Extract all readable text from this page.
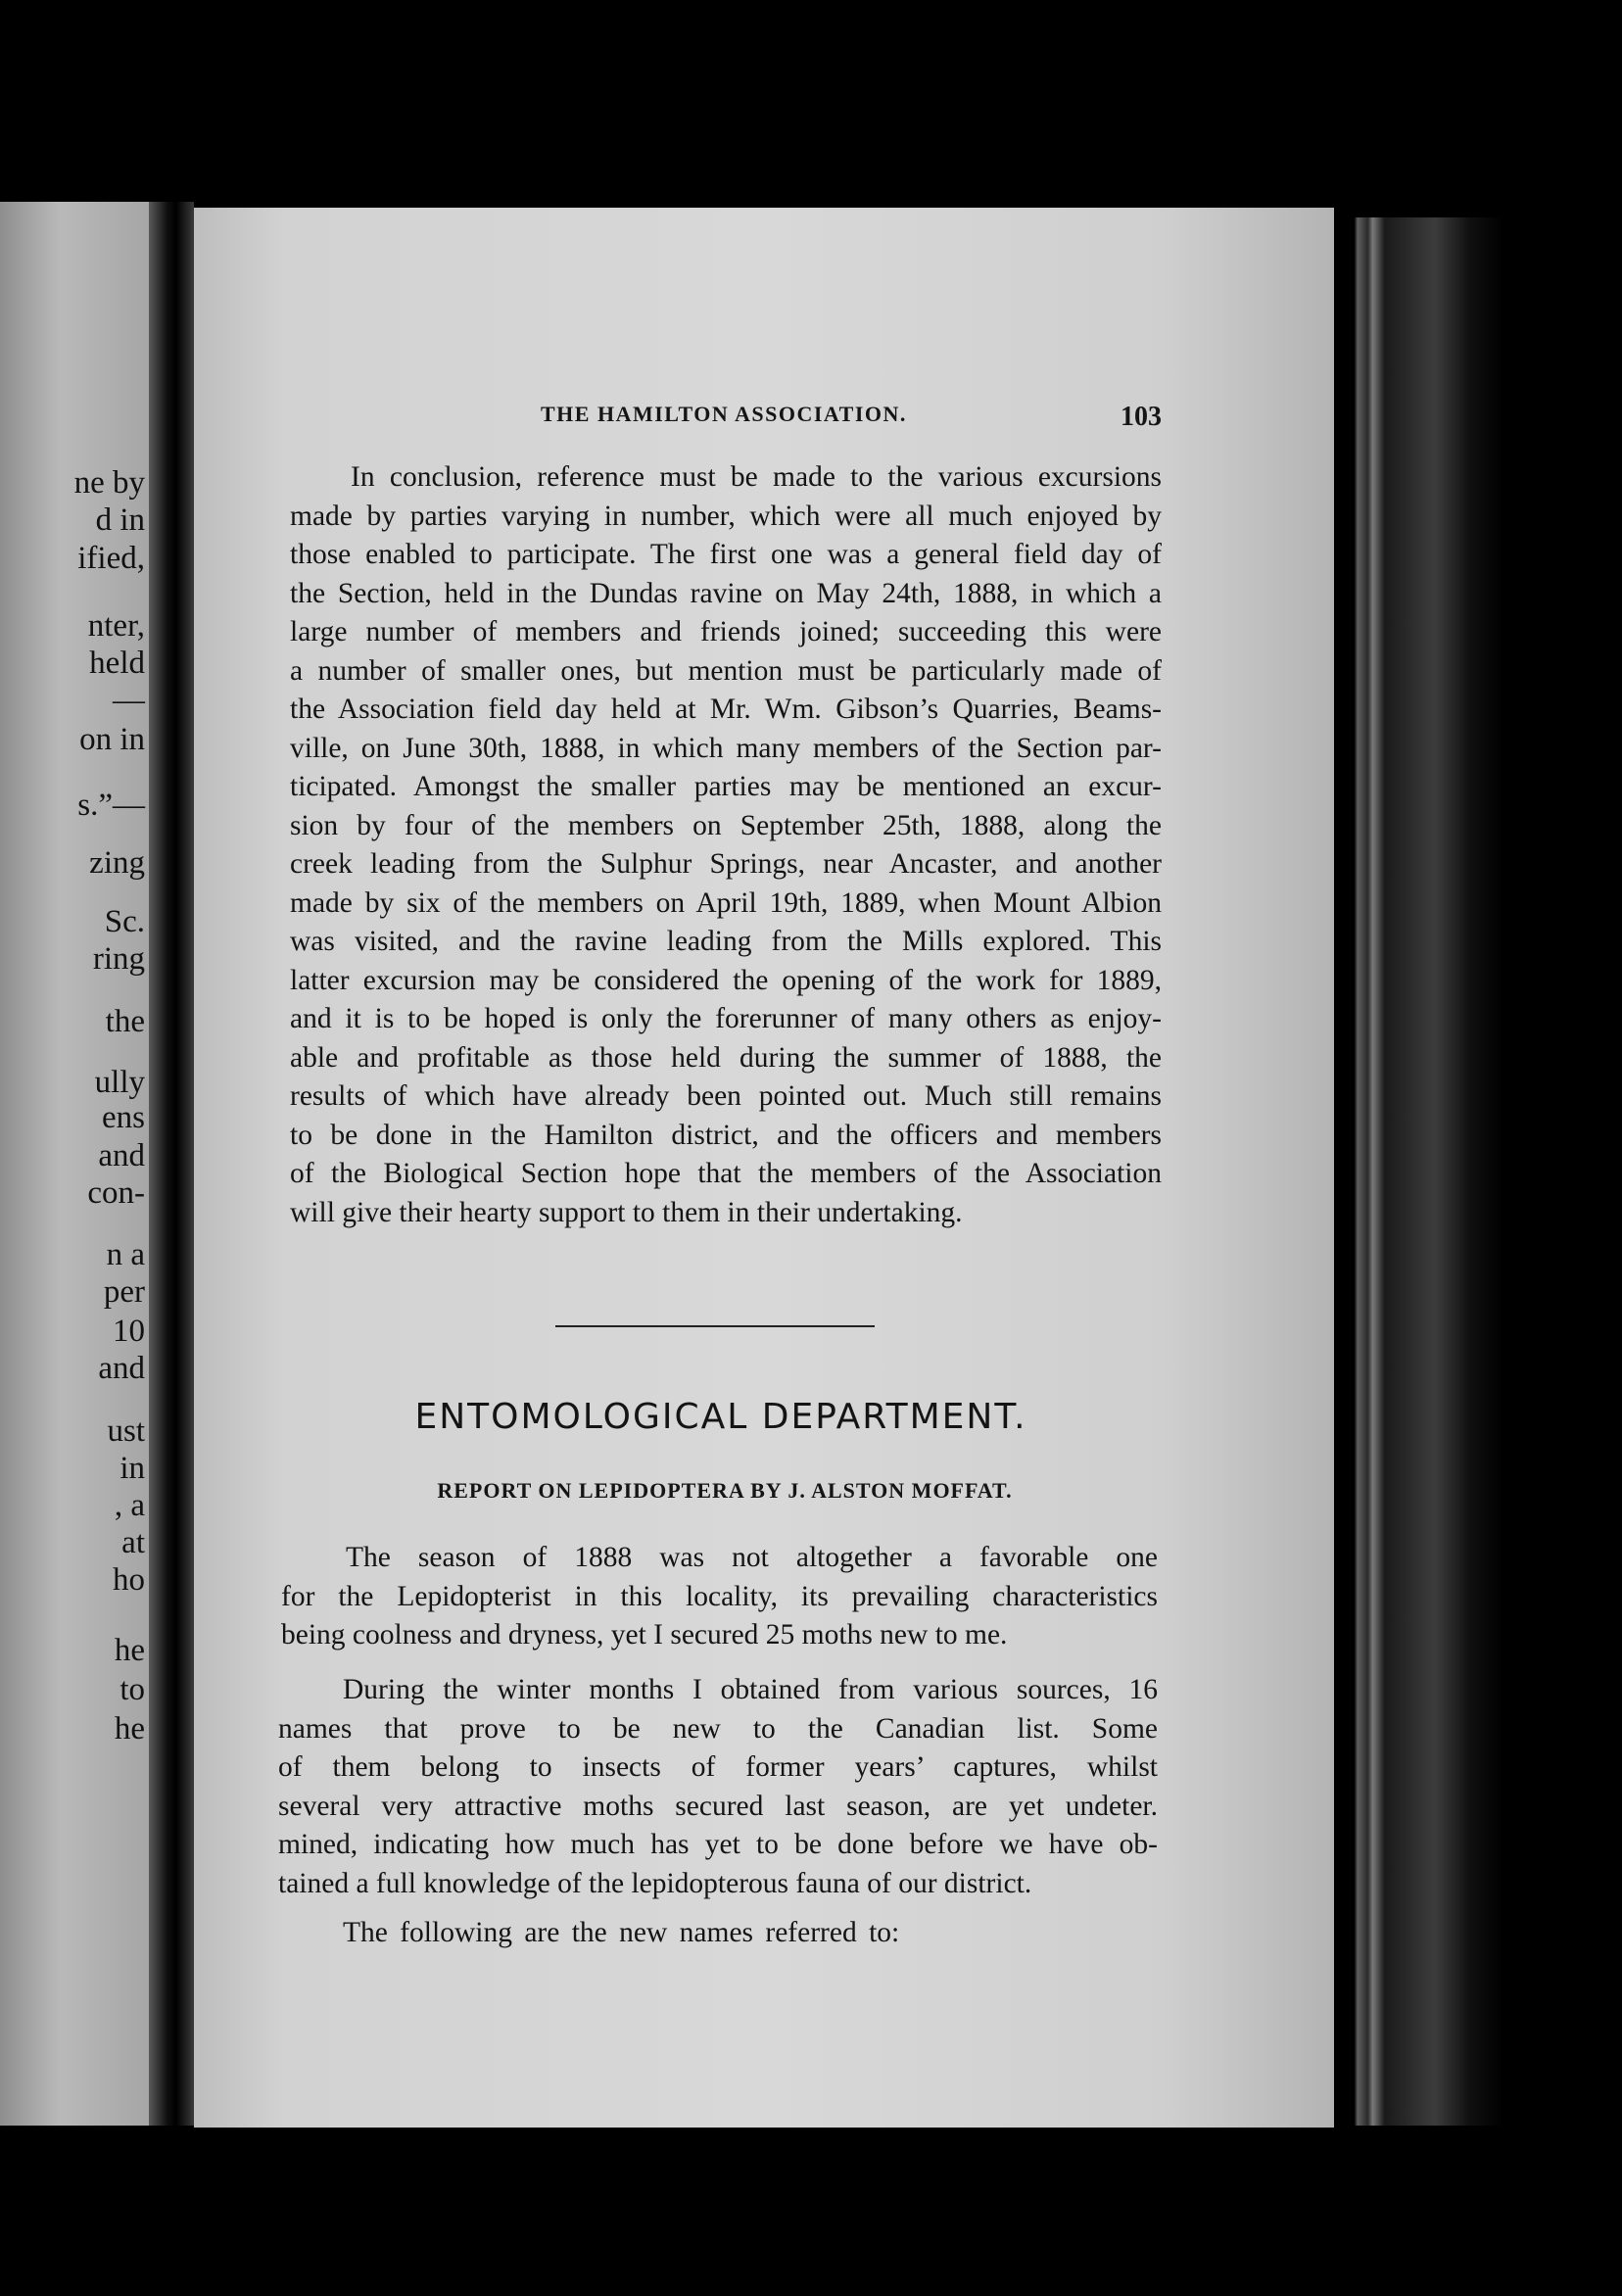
ne by
d in
ified,
nter,
held
—
on in
s.”—
zing
Sc.
ring
the
ully
ens
and
con-
n a
per
10
and
ust
in
, a
at
ho
he
to
he
THE HAMILTON ASSOCIATION.	103
In conclusion, reference must be made to the various excursions
made by parties varying in number, which were all much enjoyed by
those enabled to participate. The first one was a general field day of
the Section, held in the Dundas ravine on May 24th, 1888, in which a
large number of members and friends joined; succeeding this were
a number of smaller ones, but mention must be particularly made of
the Association field day held at Mr. Wm. Gibson’s Quarries, Beams-
ville, on June 30th, 1888, in which many members of the Section par-
ticipated. Amongst the smaller parties may be mentioned an excur-
sion by four of the members on September 25th, 1888, along the
creek leading from the Sulphur Springs, near Ancaster, and another
made by six of the members on April 19th, 1889, when Mount Albion
was visited, and the ravine leading from the Mills explored. This
latter excursion may be considered the opening of the work for 1889,
and it is to be hoped is only the forerunner of many others as enjoy-
able and profitable as those held during the summer of 1888, the
results of which have already been pointed out. Much still remains
to be done in the Hamilton district, and the officers and members
of the Biological Section hope that the members of the Association
will give their hearty support to them in their undertaking.
ENTOMOLOGICAL DEPARTMENT.
REPORT ON LEPIDOPTERA BY J. ALSTON MOFFAT.
The season of 1888 was not altogether a favorable one
for the Lepidopterist in this locality, its prevailing characteristics
being coolness and dryness, yet I secured 25 moths new to me.
During the winter months I obtained from various sources, 16
names that prove to be new to the Canadian list. Some
of them belong to insects of former years’ captures, whilst
several very attractive moths secured last season, are yet undeter.
mined, indicating how much has yet to be done before we have ob-
tained a full knowledge of the lepidopterous fauna of our district.
The following are the new names referred to:
